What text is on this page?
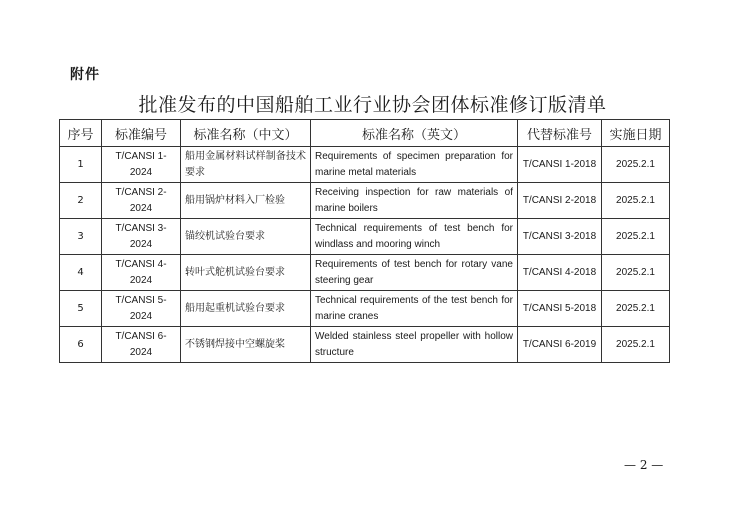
附件
批准发布的中国船舶工业行业协会团体标准修订版清单
序号	标准编号	标准名称（中文）	标准名称（英文）	代替标准号	实施日期
1	T/CANSI 1-2024	船用金属材料试样制备技术要求	Requirements of specimen preparation for marine metal materials	T/CANSI 1-2018	2025.2.1
2	T/CANSI 2-2024	船用锅炉材料入厂检验	Receiving inspection for raw materials of marine boilers	T/CANSI 2-2018	2025.2.1
3	T/CANSI 3-2024	锚绞机试验台要求	Technical requirements of test bench for windlass and mooring winch	T/CANSI 3-2018	2025.2.1
4	T/CANSI 4-2024	转叶式舵机试验台要求	Requirements of test bench for rotary vane steering gear	T/CANSI 4-2018	2025.2.1
5	T/CANSI 5-2024	船用起重机试验台要求	Technical requirements of the test bench for marine cranes	T/CANSI 5-2018	2025.2.1
6	T/CANSI 6-2024	不锈钢焊接中空螺旋桨	Welded stainless steel propeller with hollow structure	T/CANSI 6-2019	2025.2.1
— 2 —
